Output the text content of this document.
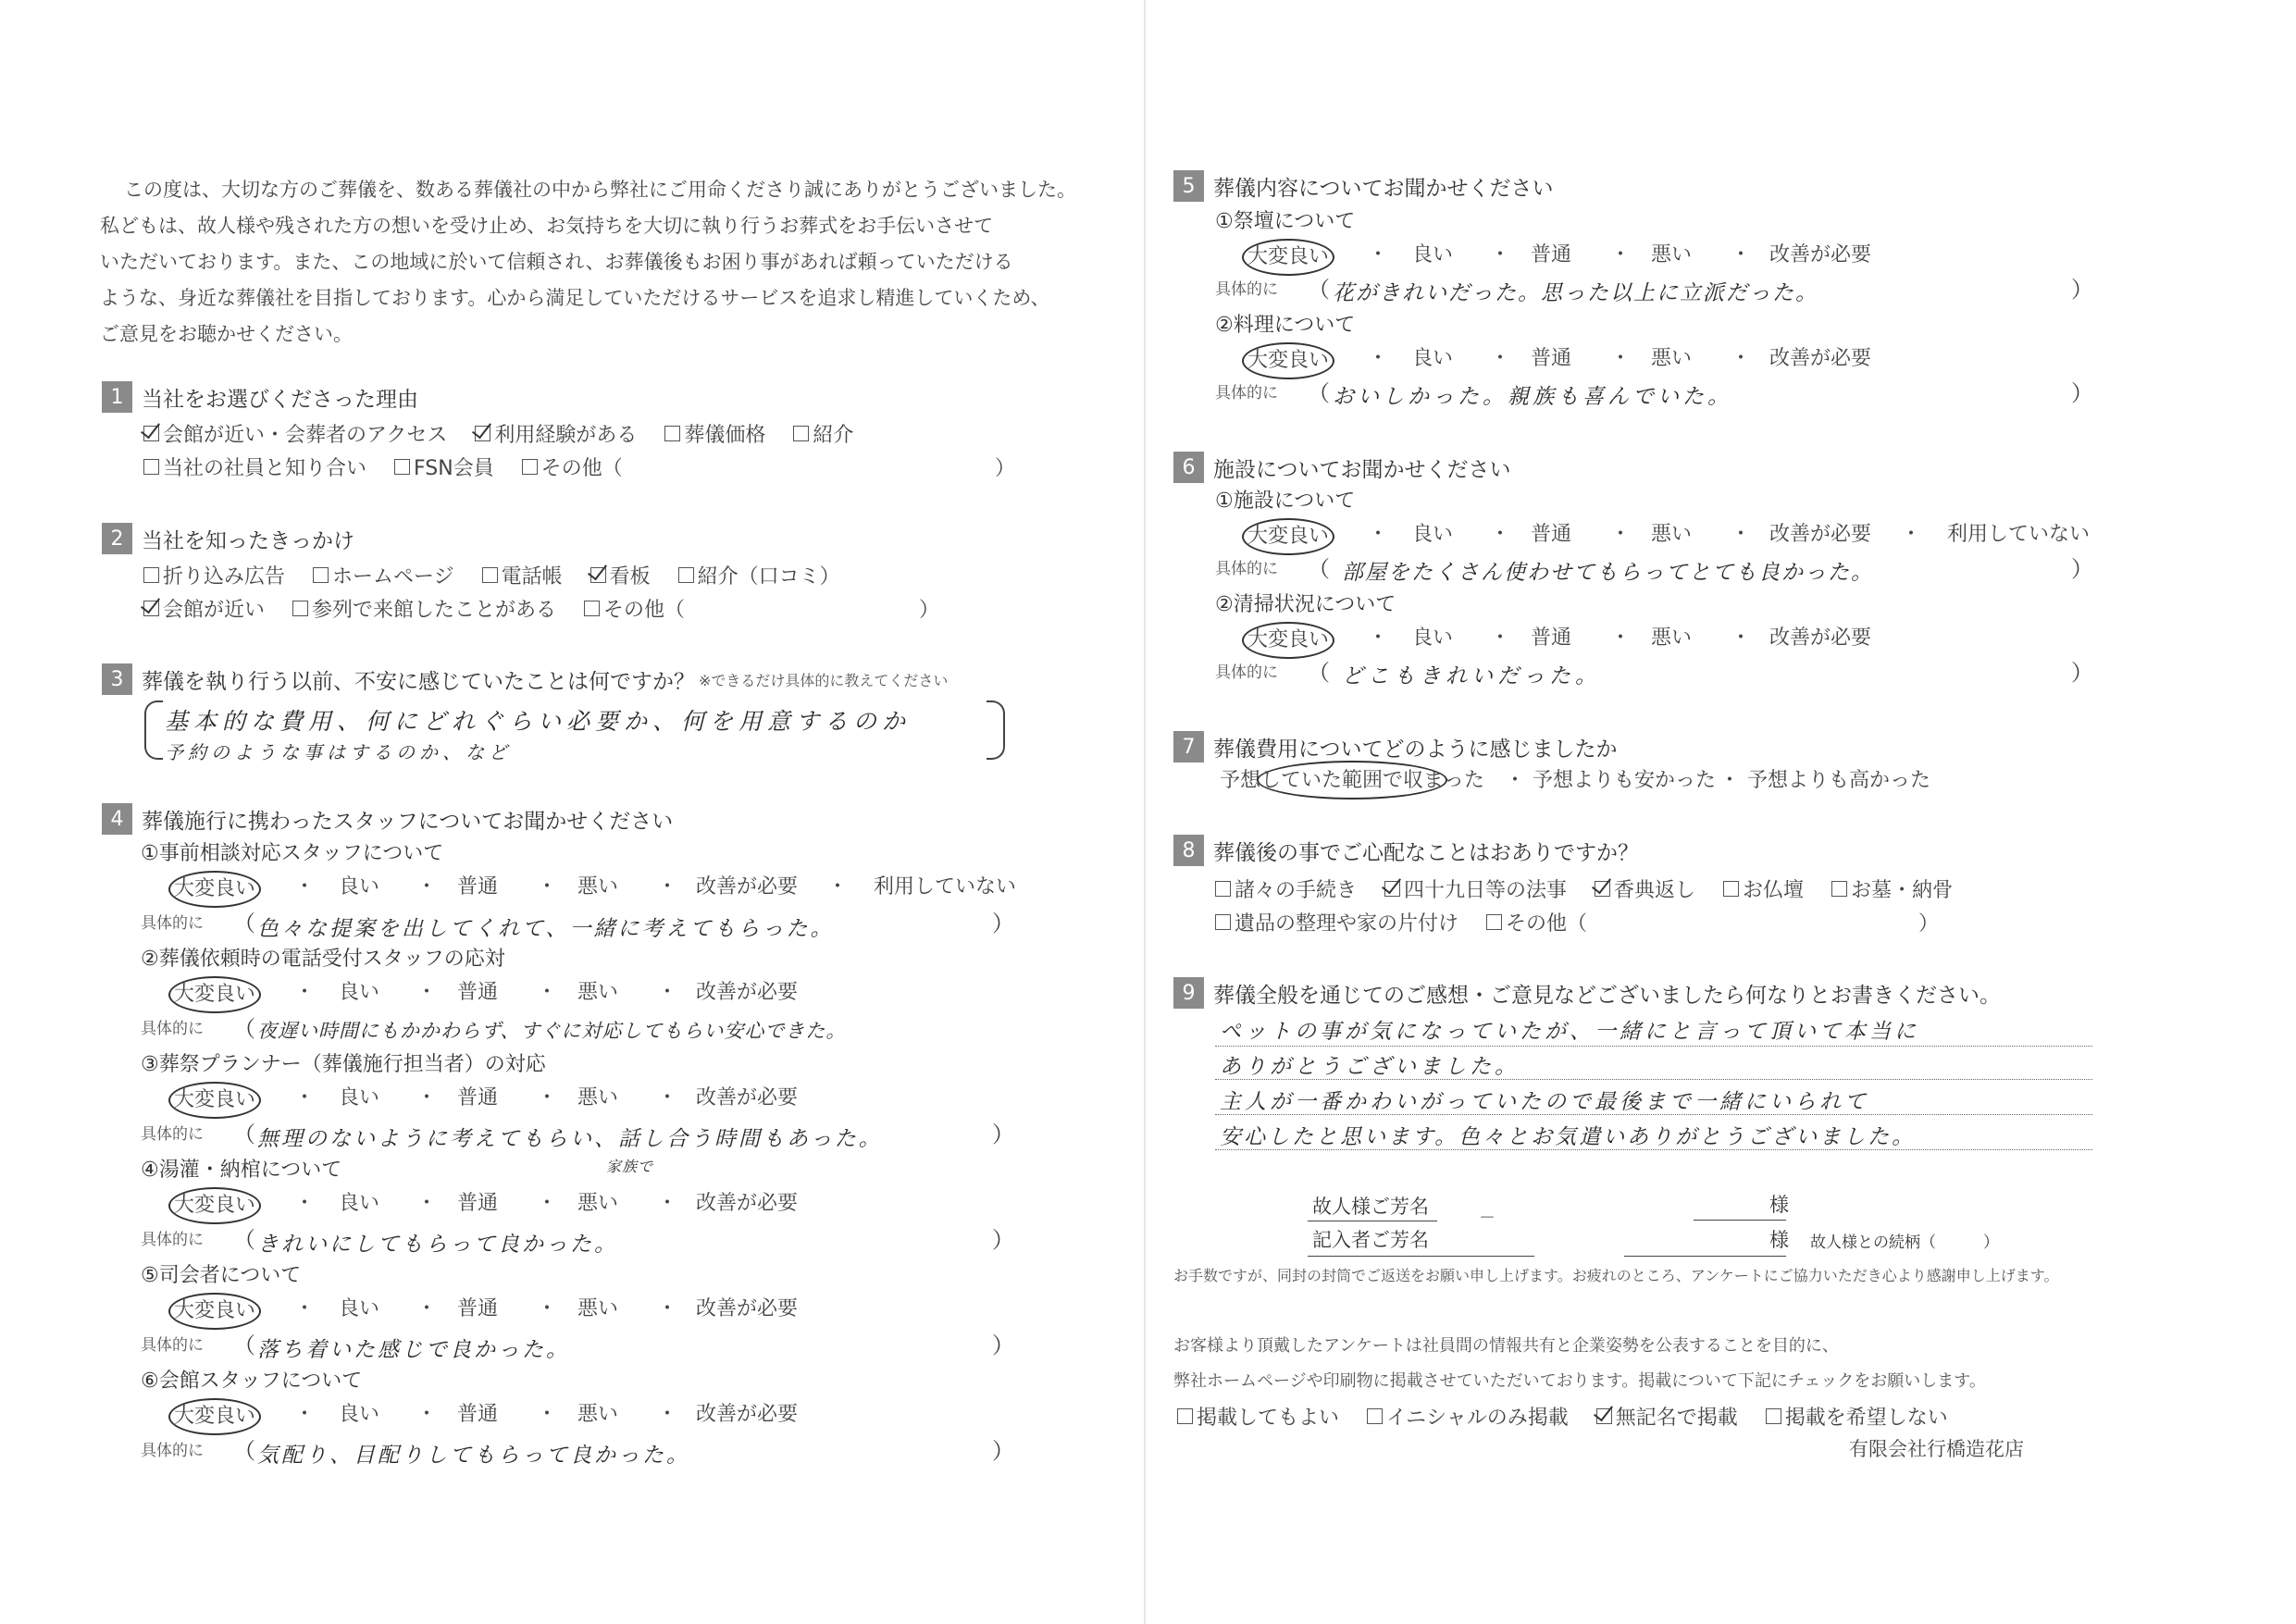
この度は、大切な方のご葬儀を、数ある葬儀社の中から弊社にご用命くださり誠にありがとうございました。
私どもは、故人様や残された方の想いを受け止め、お気持ちを大切に執り行うお葬式をお手伝いさせて
いただいております。また、この地域に於いて信頼され、お葬儀後もお困り事があれば頼っていただける
ような、身近な葬儀社を目指しております。心から満足していただけるサービスを追求し精進していくため、
ご意見をお聴かせください。
1 当社をお選びくださった理由
会館が近い・会葬者のアクセス 利用経験がある 葬儀価格 紹介
当社の社員と知り合い FSN会員 その他（	）
2 当社を知ったきっかけ
折り込み広告 ホームページ 電話帳 看板 紹介（口コミ）
会館が近い 参列で来館したことがある その他（	）
3 葬儀を執り行う以前、不安に感じていたことは何ですか？ ※できるだけ具体的に教えてください
基本的な費用、何にどれぐらい必要か、何を用意するのか
予約のような事はするのか、など
4 葬儀施行に携わったスタッフについてお聞かせください
①事前相談対応スタッフについて
大変良い ・ 良い ・ 普通 ・ 悪い ・ 改善が必要 ・ 利用していない
具体的に （	）
色々な提案を出してくれて、一緒に考えてもらった。
②葬儀依頼時の電話受付スタッフの応対
大変良い ・ 良い ・ 普通 ・ 悪い ・ 改善が必要
具体的に （ 夜遅い時間にもかかわらず、すぐに対応してもらい安心できた。
③葬祭プランナー（葬儀施行担当者）の対応
大変良い ・ 良い ・ 普通 ・ 悪い ・ 改善が必要
具体的に （	）
無理のないように考えてもらい、話し合う時間もあった。
家族で
④湯灌・納棺について
大変良い ・ 良い ・ 普通 ・ 悪い ・ 改善が必要
具体的に （	）
きれいにしてもらって良かった。
⑤司会者について
大変良い ・ 良い ・ 普通 ・ 悪い ・ 改善が必要
具体的に （	）
落ち着いた感じで良かった。
⑥会館スタッフについて
大変良い ・ 良い ・ 普通 ・ 悪い ・ 改善が必要
具体的に （	）
気配り、目配りしてもらって良かった。
5 葬儀内容についてお聞かせください
①祭壇について
大変良い ・ 良い ・ 普通 ・ 悪い ・ 改善が必要
具体的に （	）
花がきれいだった。思った以上に立派だった。
②料理について
大変良い ・ 良い ・ 普通 ・ 悪い ・ 改善が必要
具体的に （	）
おいしかった。親族も喜んでいた。
6 施設についてお聞かせください
①施設について
大変良い ・ 良い ・ 普通 ・ 悪い ・ 改善が必要 ・ 利用していない
具体的に （	）
部屋をたくさん使わせてもらってとても良かった。
②清掃状況について
大変良い ・ 良い ・ 普通 ・ 悪い ・ 改善が必要
具体的に （	）
どこもきれいだった。
7 葬儀費用についてどのように感じましたか
予想していた範囲で収まった ・ 予想よりも安かった ・ 予想よりも高かった
8 葬儀後の事でご心配なことはおありですか？
諸々の手続き 四十九日等の法事 香典返し お仏壇 お墓・納骨
遺品の整理や家の片付け その他（	）
9 葬儀全般を通じてのご感想・ご意見などございましたら何なりとお書きください。
ペットの事が気になっていたが、一緒にと言って頂いて本当に
ありがとうございました。
主人が一番かわいがっていたので最後まで一緒にいられて
安心したと思います。色々とお気遣いありがとうございました。
故人様ご芳名
－
様
記入者ご芳名	様 故人様との続柄（　　　）
お手数ですが、同封の封筒でご返送をお願い申し上げます。お疲れのところ、アンケートにご協力いただき心より感謝申し上げます。
お客様より頂戴したアンケートは社員間の情報共有と企業姿勢を公表することを目的に、
弊社ホームページや印刷物に掲載させていただいております。掲載について下記にチェックをお願いします。
掲載してもよい イニシャルのみ掲載 無記名で掲載 掲載を希望しない
有限会社行橋造花店
